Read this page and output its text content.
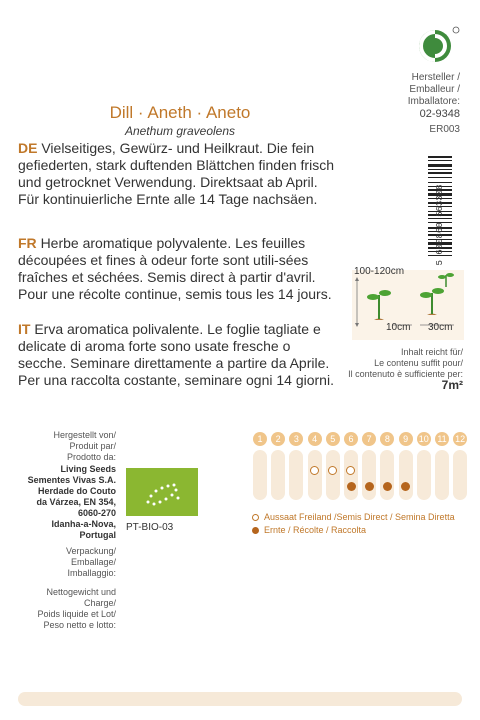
Dill · Aneth · Aneto
Anethum graveolens
DE Vielseitiges, Gewürz- und Heilkraut. Die fein gefiederten, stark duftenden Blättchen finden frisch und getrocknet Verwendung. Direktsaat ab April. Für kontinuierliche Ernte alle 14 Tage nachsäen.
FR Herbe aromatique polyvalente. Les feuilles découpées et fines à odeur forte sont utili-sées fraîches et séchées. Semis direct à partir d'avril. Pour une récolte continue, semis tous les 14 jours.
IT Erva aromatica polivalente. Le foglie tagliate e delicate di aroma forte sono usate fresche o secche. Seminare direttamente a partire da Aprile. Per una raccolta costante, seminare ogni 14 giorni.
Hersteller /
Emballeur /
Imballatore:
02-9348
ER003
5 600860 563308
100-120cm
10cm 30cm
Inhalt reicht für/
Le contenu suffit pour/
Il contenuto è sufficiente per:
7m²
Hergestellt von/
Produit par/
Prodotto da:
Living Seeds
Sementes Vivas S.A.
Herdade do Couto
da Várzea, EN 354,
6060-270
Idanha-a-Nova,
Portugal
PT-BIO-03
Verpackung/
Emballage/
Imballaggio:
Nettogewicht und
Charge/
Poids liquide et Lot/
Peso netto e lotto:
1	2	3	4	5	6	7	8	9	10 11 12
Aussaat Freiland /Semis Direct / Semina Diretta
Ernte / Récolte / Raccolta
